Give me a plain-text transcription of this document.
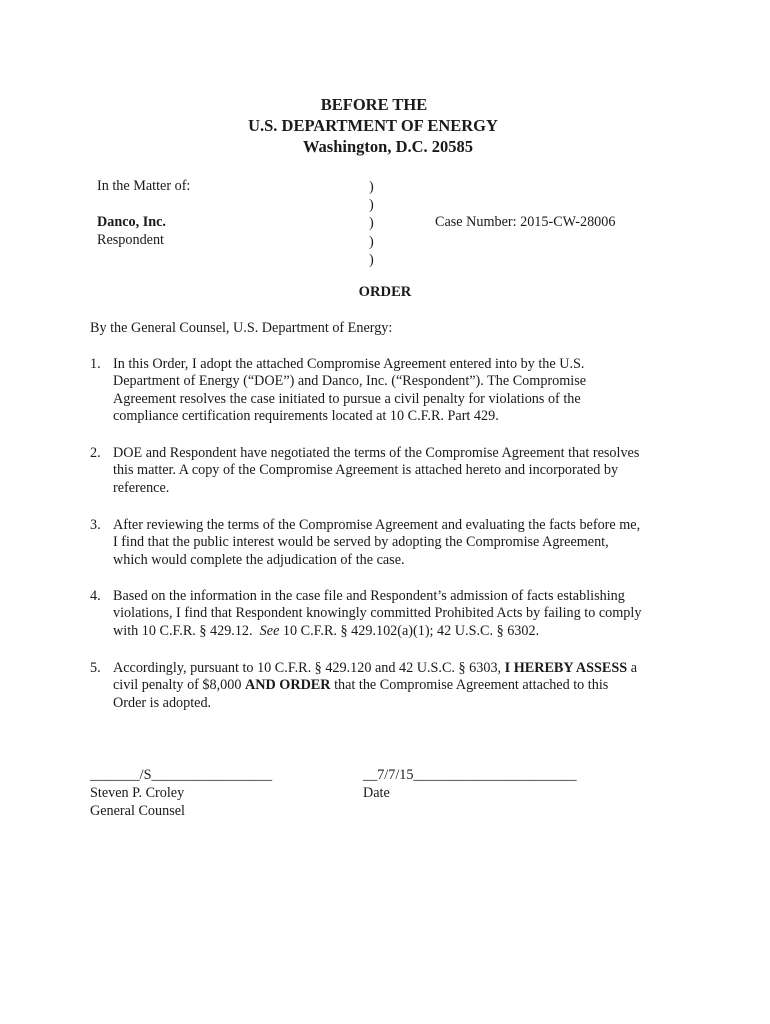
BEFORE THE
U.S. DEPARTMENT OF ENERGY
Washington, D.C. 20585
In the Matter of:
Danco, Inc.
Respondent
)
)
)
)
)
Case Number: 2015-CW-28006
ORDER
By the General Counsel, U.S. Department of Energy:
1. In this Order, I adopt the attached Compromise Agreement entered into by the U.S.
Department of Energy (“DOE”) and Danco, Inc. (“Respondent”). The Compromise
Agreement resolves the case initiated to pursue a civil penalty for violations of the
compliance certification requirements located at 10 C.F.R. Part 429.
2. DOE and Respondent have negotiated the terms of the Compromise Agreement that resolves
this matter. A copy of the Compromise Agreement is attached hereto and incorporated by
reference.
3. After reviewing the terms of the Compromise Agreement and evaluating the facts before me,
I find that the public interest would be served by adopting the Compromise Agreement,
which would complete the adjudication of the case.
4. Based on the information in the case file and Respondent’s admission of facts establishing
violations, I find that Respondent knowingly committed Prohibited Acts by failing to comply
with 10 C.F.R. § 429.12.  See 10 C.F.R. § 429.102(a)(1); 42 U.S.C. § 6302.
5. Accordingly, pursuant to 10 C.F.R. § 429.120 and 42 U.S.C. § 6303, I HEREBY ASSESS a
civil penalty of $8,000 AND ORDER that the Compromise Agreement attached to this
Order is adopted.
_______/S_________________
Steven P. Croley
General Counsel
__7/7/15_______________________
Date
